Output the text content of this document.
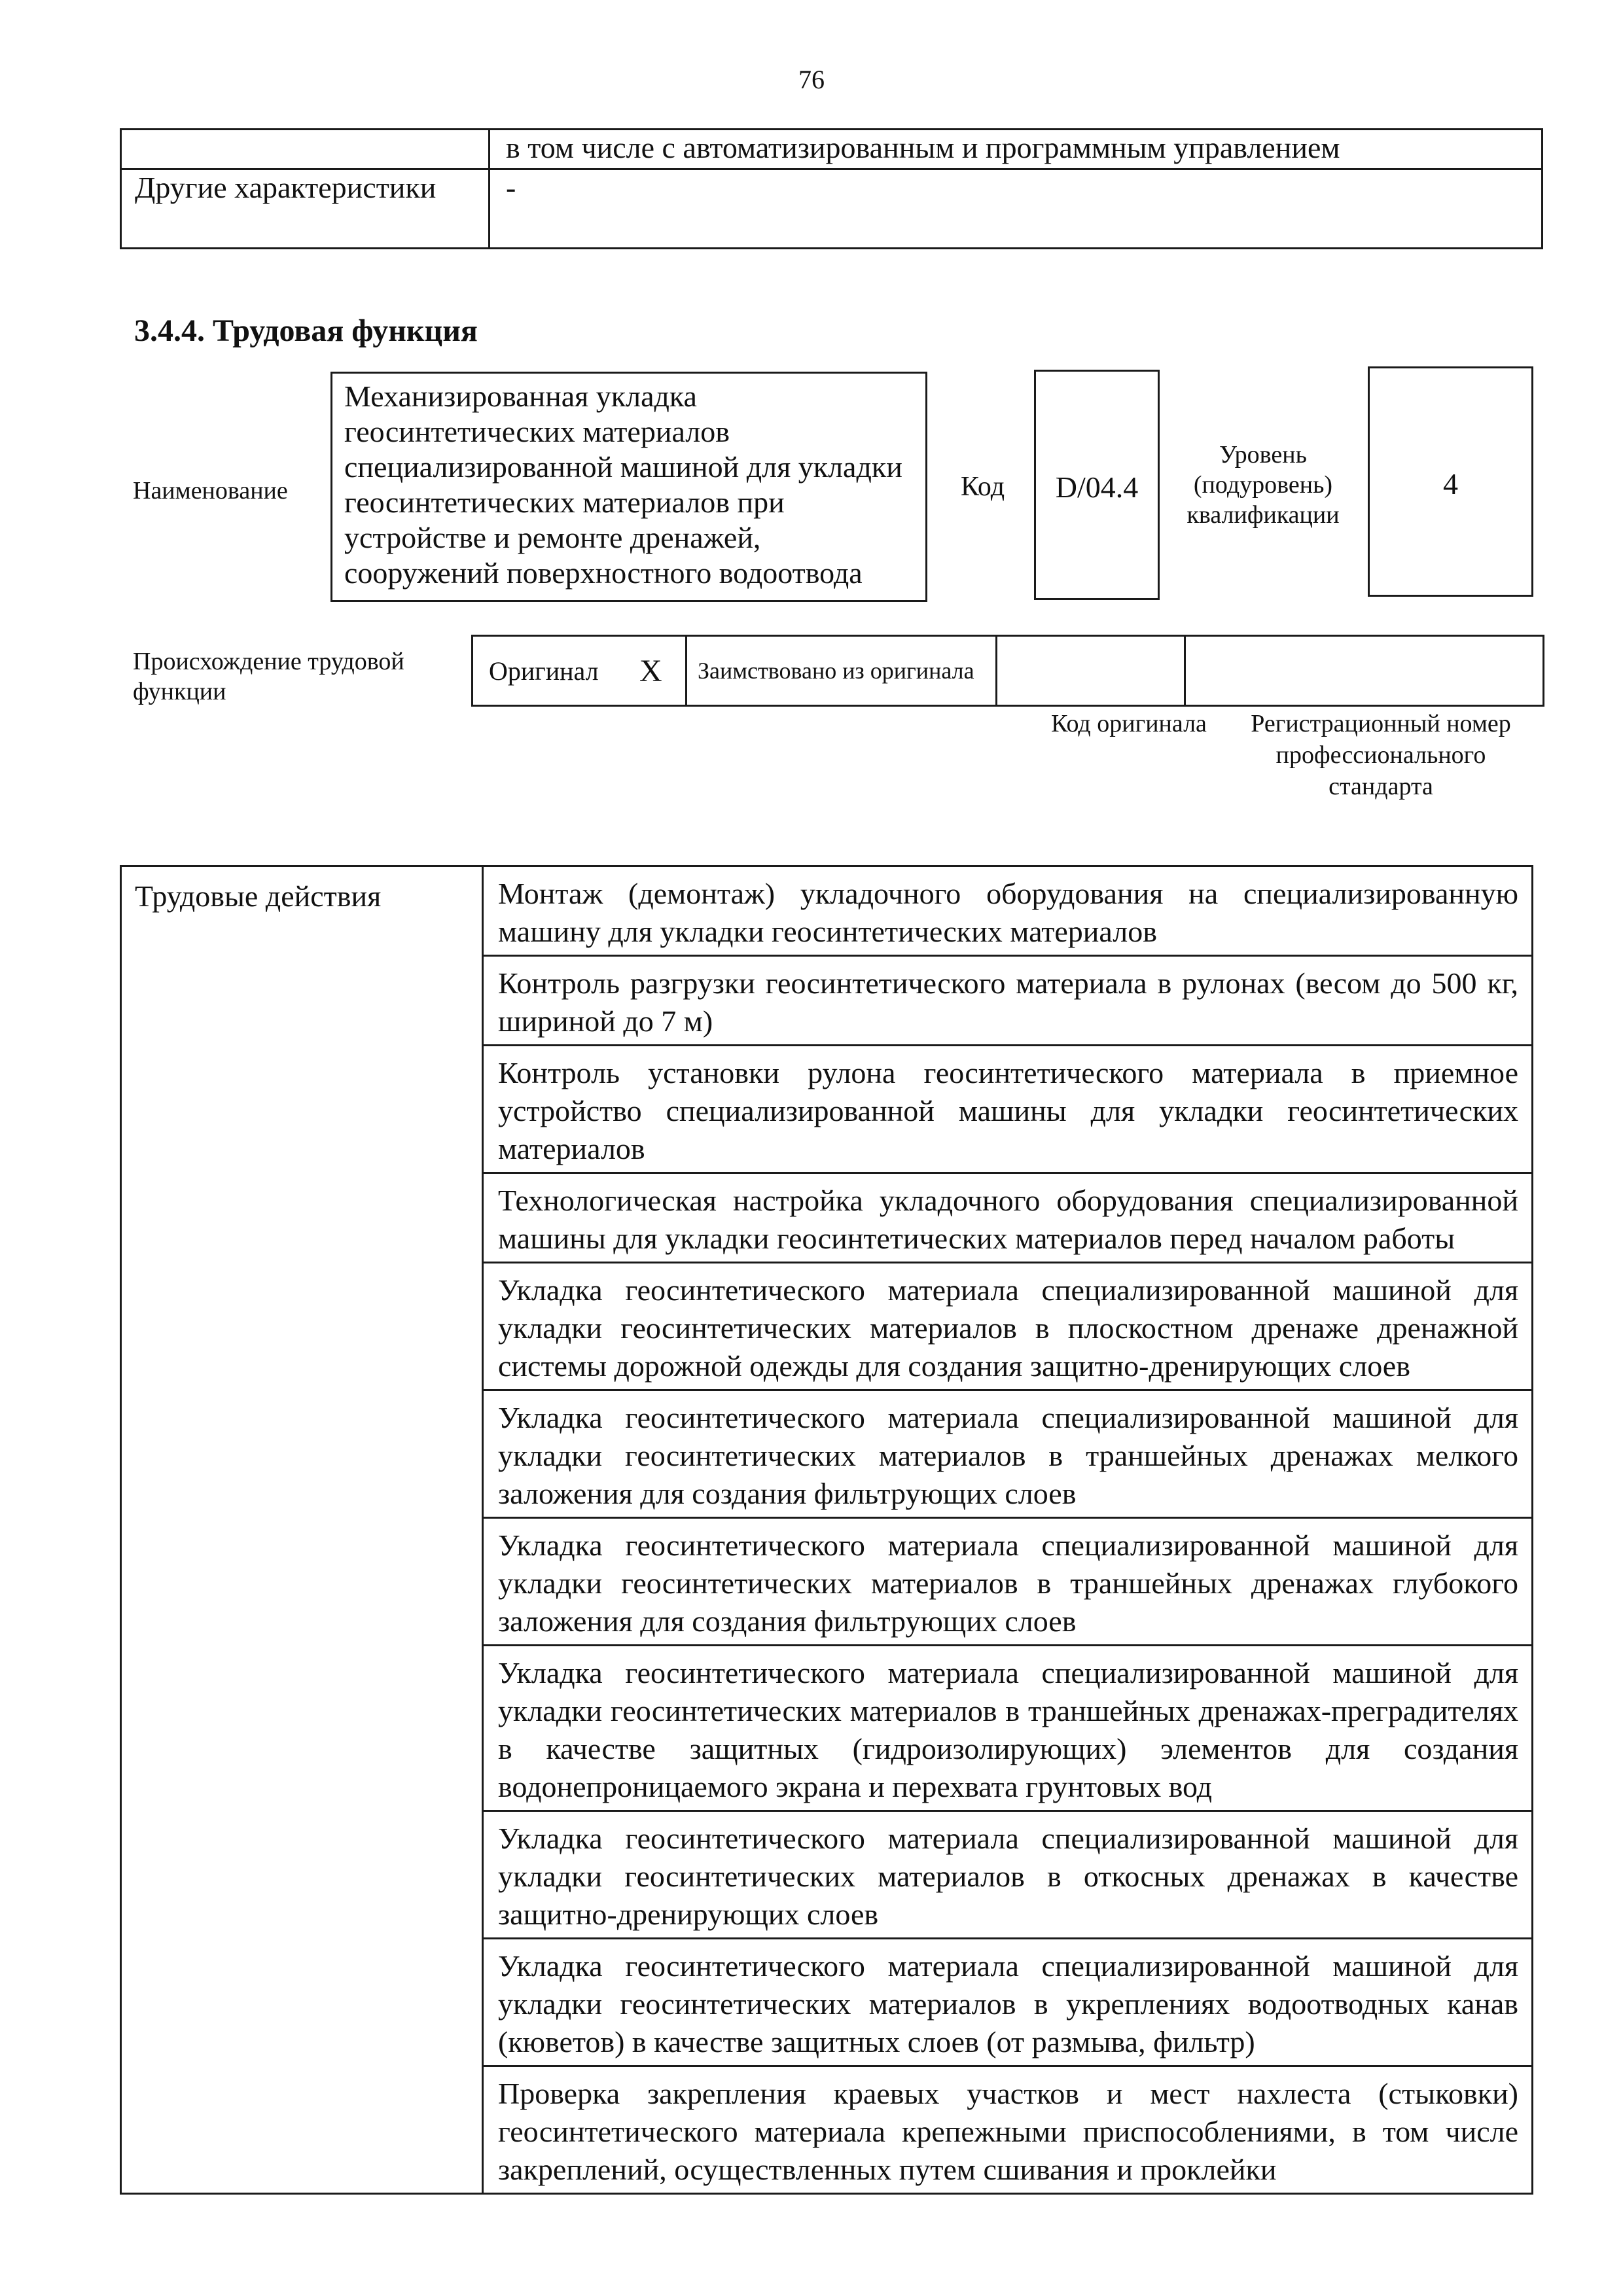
76
	в том числе с автоматизированным и программным управлением
Другие характеристики	-
3.4.4. Трудовая функция
Наименование
Механизированная укладка геосинтетических материалов специализированной машиной для укладки геосинтетических материалов при устройстве и ремонте дренажей, сооружений поверхностного водоотвода
Код	D/04.4
Уровень (подуровень) квалификации
4
Происхождение трудовой функции
Оригинал	X	Заимствовано из оригинала		
Код оригинала	Регистрационный номер профессионального стандарта
Трудовые действия	Монтаж (демонтаж) укладочного оборудования на специализированную машину для укладки геосинтетических материалов
Контроль разгрузки геосинтетического материала в рулонах (весом до 500 кг, шириной до 7 м)
Контроль установки рулона геосинтетического материала в приемное устройство специализированной машины для укладки геосинтетических материалов
Технологическая настройка укладочного оборудования специализированной машины для укладки геосинтетических материалов перед началом работы
Укладка геосинтетического материала специализированной машиной для укладки геосинтетических материалов в плоскостном дренаже дренажной системы дорожной одежды для создания защитно-дренирующих слоев
Укладка геосинтетического материала специализированной машиной для укладки геосинтетических материалов в траншейных дренажах мелкого заложения для создания фильтрующих слоев
Укладка геосинтетического материала специализированной машиной для укладки геосинтетических материалов в траншейных дренажах глубокого заложения для создания фильтрующих слоев
Укладка геосинтетического материала специализированной машиной для укладки геосинтетических материалов в траншейных дренажах-преградителях в качестве защитных (гидроизолирующих) элементов для создания водонепроницаемого экрана и перехвата грунтовых вод
Укладка геосинтетического материала специализированной машиной для укладки геосинтетических материалов в откосных дренажах в качестве защитно-дренирующих слоев
Укладка геосинтетического материала специализированной машиной для укладки геосинтетических материалов в укреплениях водоотводных канав (кюветов) в качестве защитных слоев (от размыва, фильтр)
Проверка закрепления краевых участков и мест нахлеста (стыковки) геосинтетического материала крепежными приспособлениями, в том числе закреплений, осуществленных путем сшивания и проклейки
